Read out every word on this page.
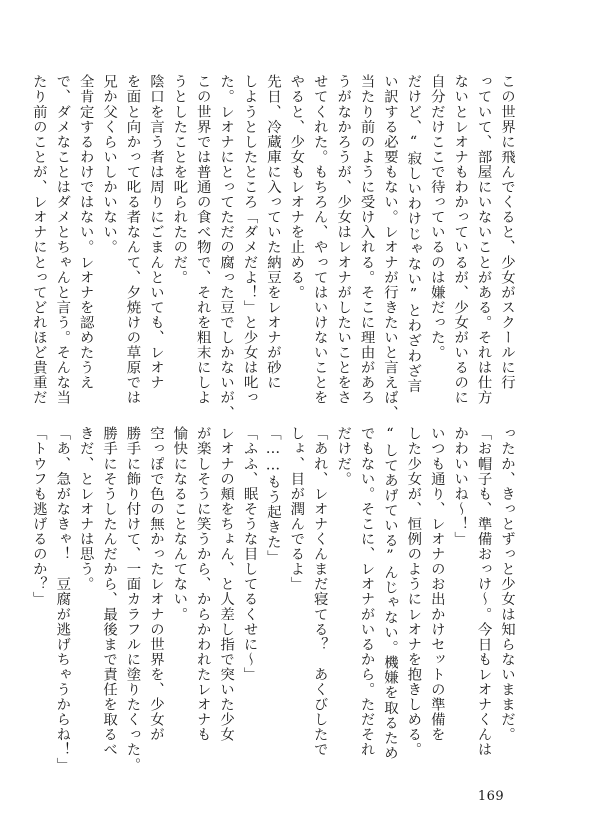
この世界に飛んでくると、少女がスクールに行
っていて、部屋にいないことがある。それは仕方
ないとレオナもわかっているが、少女がいるのに
自分だけここで待っているのは嫌だった。
だけど、“寂しいわけじゃない”とわざわざ言
い訳する必要もない。レオナが行きたいと言えば、
当たり前のように受け入れる。そこに理由があろ
うがなかろうが、少女はレオナがしたいことをさ
せてくれた。もちろん、やってはいけないことを
やると、少女もレオナを止める。
先日、冷蔵庫に入っていた納豆をレオナが砂に
しようとしたところ「ダメだよ！」と少女は叱っ
た。レオナにとってただの腐った豆でしかないが、
この世界では普通の食べ物で、それを粗末にしよ
うとしたことを叱られたのだ。
陰口を言う者は周りにごまんといても、レオナ
を面と向かって叱る者なんて、夕焼けの草原では
兄か父くらいしかいない。
全肯定するわけではない。レオナを認めたうえ
で、ダメなことはダメとちゃんと言う。そんな当
たり前のことが、レオナにとってどれほど貴重だ
ったか、きっとずっと少女は知らないままだ。
「お帽子も、準備おっけ〜。今日もレオナくんは
かわいいね〜！」
いつも通り、レオナのお出かけセットの準備を
した少女が、恒例のようにレオナを抱きしめる。
“してあげている”んじゃない。機嫌を取るため
でもない。そこに、レオナがいるから。ただそれ
だけだ。
「あれ、レオナくんまだ寝てる？　あくびしたで
しょ、目が潤んでるよ」
「……もう起きた」
「ふふ、眠そうな目してるくせに〜」
レオナの頬をちょん、と人差し指で突いた少女
が楽しそうに笑うから、からかわれたレオナも
愉快になることなんてない。
空っぽで色の無かったレオナの世界を、少女が
勝手に飾り付けて、一面カラフルに塗りたくった。
勝手にそうしたんだから、最後まで責任を取るべ
きだ、とレオナは思う。
「あ、急がなきゃ！　豆腐が逃げちゃうからね！」
「トウフも逃げるのか？」
169
